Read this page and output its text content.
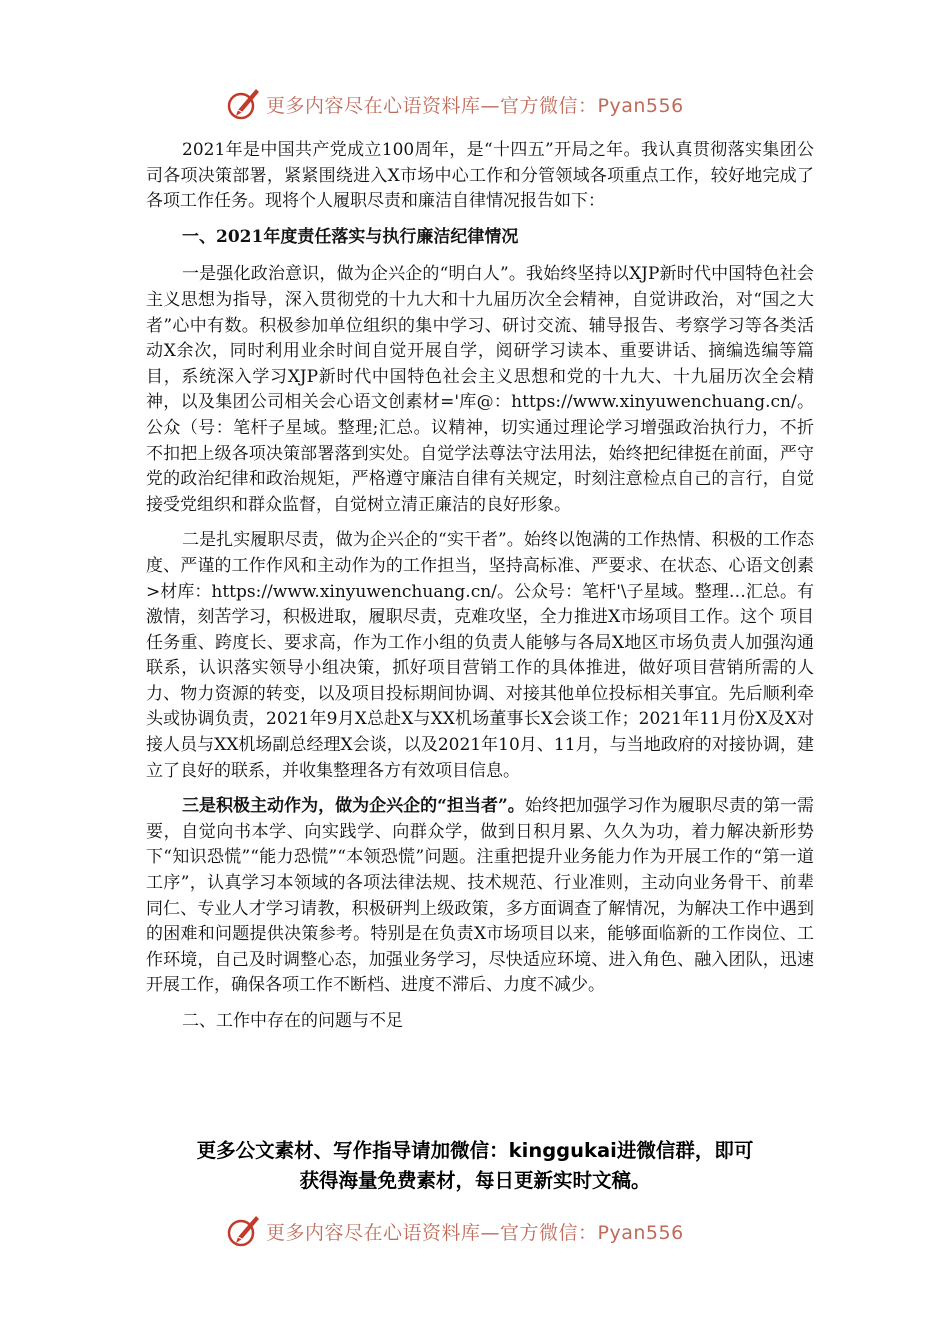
更多内容尽在心语资料库—官方微信：Pyan556

2021年是中国共产党成立100周年，是“十四五”开局之年。我认真贯彻落实集团公司各项决策部署，紧紧围绕进入X市场中心工作和分管领域各项重点工作，较好地完成了各项工作任务。现将个人履职尽责和廉洁自律情况报告如下：

一、2021年度责任落实与执行廉洁纪律情况

一是强化政治意识，做为企兴企的“明白人”。我始终坚持以XJP新时代中国特色社会主义思想为指导，深入贯彻党的十九大和十九届历次全会精神，自觉讲政治，对“国之大者”心中有数。积极参加单位组织的集中学习、研讨交流、辅导报告、考察学习等各类活动X余次，同时利用业余时间自觉开展自学，阅研学习读本、重要讲话、摘编选编等篇目，系统深入学习XJP新时代中国特色社会主义思想和党的十九大、十九届历次全会精神，以及集团公司相关会心语文创素材='库@：https://www.xinyuwenchuang.cn/。公众（号：笔杆子星域。整理;汇总。议精神，切实通过理论学习增强政治执行力，不折不扣把上级各项决策部署落到实处。自觉学法尊法守法用法，始终把纪律挺在前面，严守党的政治纪律和政治规矩，严格遵守廉洁自律有关规定，时刻注意检点自己的言行，自觉接受党组织和群众监督，自觉树立清正廉洁的良好形象。

二是扎实履职尽责，做为企兴企的“实干者”。始终以饱满的工作热情、积极的工作态度、严谨的工作作风和主动作为的工作担当，坚持高标准、严要求、在状态、心语文创素>材库：https://www.xinyuwenchuang.cn/。公众号：笔杆'\子星域。整理…汇总。有激情，刻苦学习，积极进取，履职尽责，克难攻坚，全力推进X市场项目工作。这个 项目任务重、跨度长、要求高，作为工作小组的负责人能够与各局X地区市场负责人加强沟通联系，认识落实领导小组决策，抓好项目营销工作的具体推进，做好项目营销所需的人力、物力资源的转变，以及项目投标期间协调、对接其他单位投标相关事宜。先后顺利牵头或协调负责，2021年9月X总赴X与XX机场董事长X会谈工作；2021年11月份X及X对接人员与XX机场副总经理X会谈，以及2021年10月、11月，与当地政府的对接协调，建立了良好的联系，并收集整理各方有效项目信息。

三是积极主动作为，做为企兴企的“担当者”。始终把加强学习作为履职尽责的第一需要，自觉向书本学、向实践学、向群众学，做到日积月累、久久为功，着力解决新形势下“知识恐慌”“能力恐慌”“本领恐慌”问题。注重把提升业务能力作为开展工作的“第一道工序”，认真学习本领域的各项法律法规、技术规范、行业准则，主动向业务骨干、前辈同仁、专业人才学习请教，积极研判上级政策，多方面调查了解情况，为解决工作中遇到的困难和问题提供决策参考。特别是在负责X市场项目以来，能够面临新的工作岗位、工作环境，自己及时调整心态，加强业务学习，尽快适应环境、进入角色、融入团队，迅速开展工作，确保各项工作不断档、进度不滞后、力度不减少。

二、工作中存在的问题与不足
更多公文素材、写作指导请加微信：kinggukai进微信群，即可
获得海量免费素材，每日更新实时文稿。
更多内容尽在心语资料库—官方微信：Pyan556
